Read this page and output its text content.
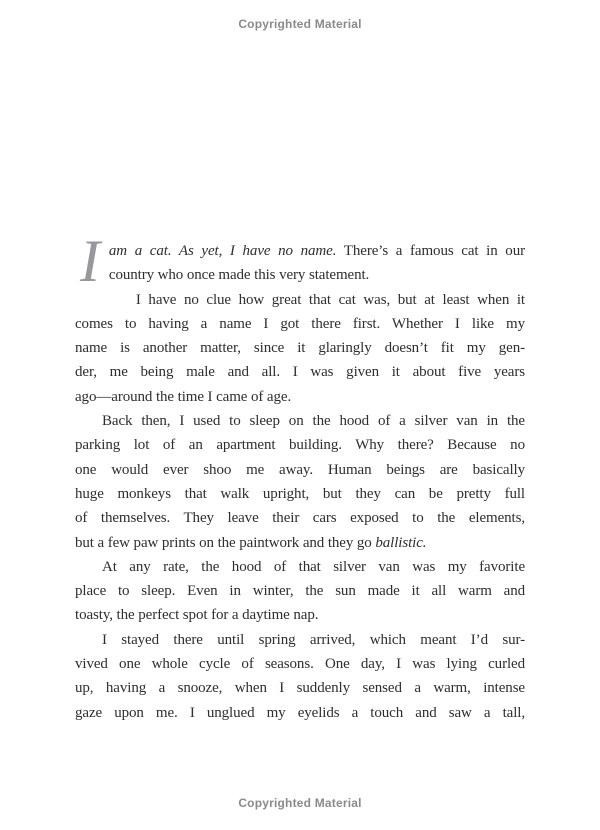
Copyrighted Material
I am a cat. As yet, I have no name. There’s a famous cat in our
country who once made this very statement.
I have no clue how great that cat was, but at least when it
comes to having a name I got there first. Whether I like my
name is another matter, since it glaringly doesn’t fit my gen-
der, me being male and all. I was given it about five years
ago—around the time I came of age.
Back then, I used to sleep on the hood of a silver van in the
parking lot of an apartment building. Why there? Because no
one would ever shoo me away. Human beings are basically
huge monkeys that walk upright, but they can be pretty full
of themselves. They leave their cars exposed to the elements,
but a few paw prints on the paintwork and they go ballistic.
At any rate, the hood of that silver van was my favorite
place to sleep. Even in winter, the sun made it all warm and
toasty, the perfect spot for a daytime nap.
I stayed there until spring arrived, which meant I’d sur-
vived one whole cycle of seasons. One day, I was lying curled
up, having a snooze, when I suddenly sensed a warm, intense
gaze upon me. I unglued my eyelids a touch and saw a tall,
Copyrighted Material
